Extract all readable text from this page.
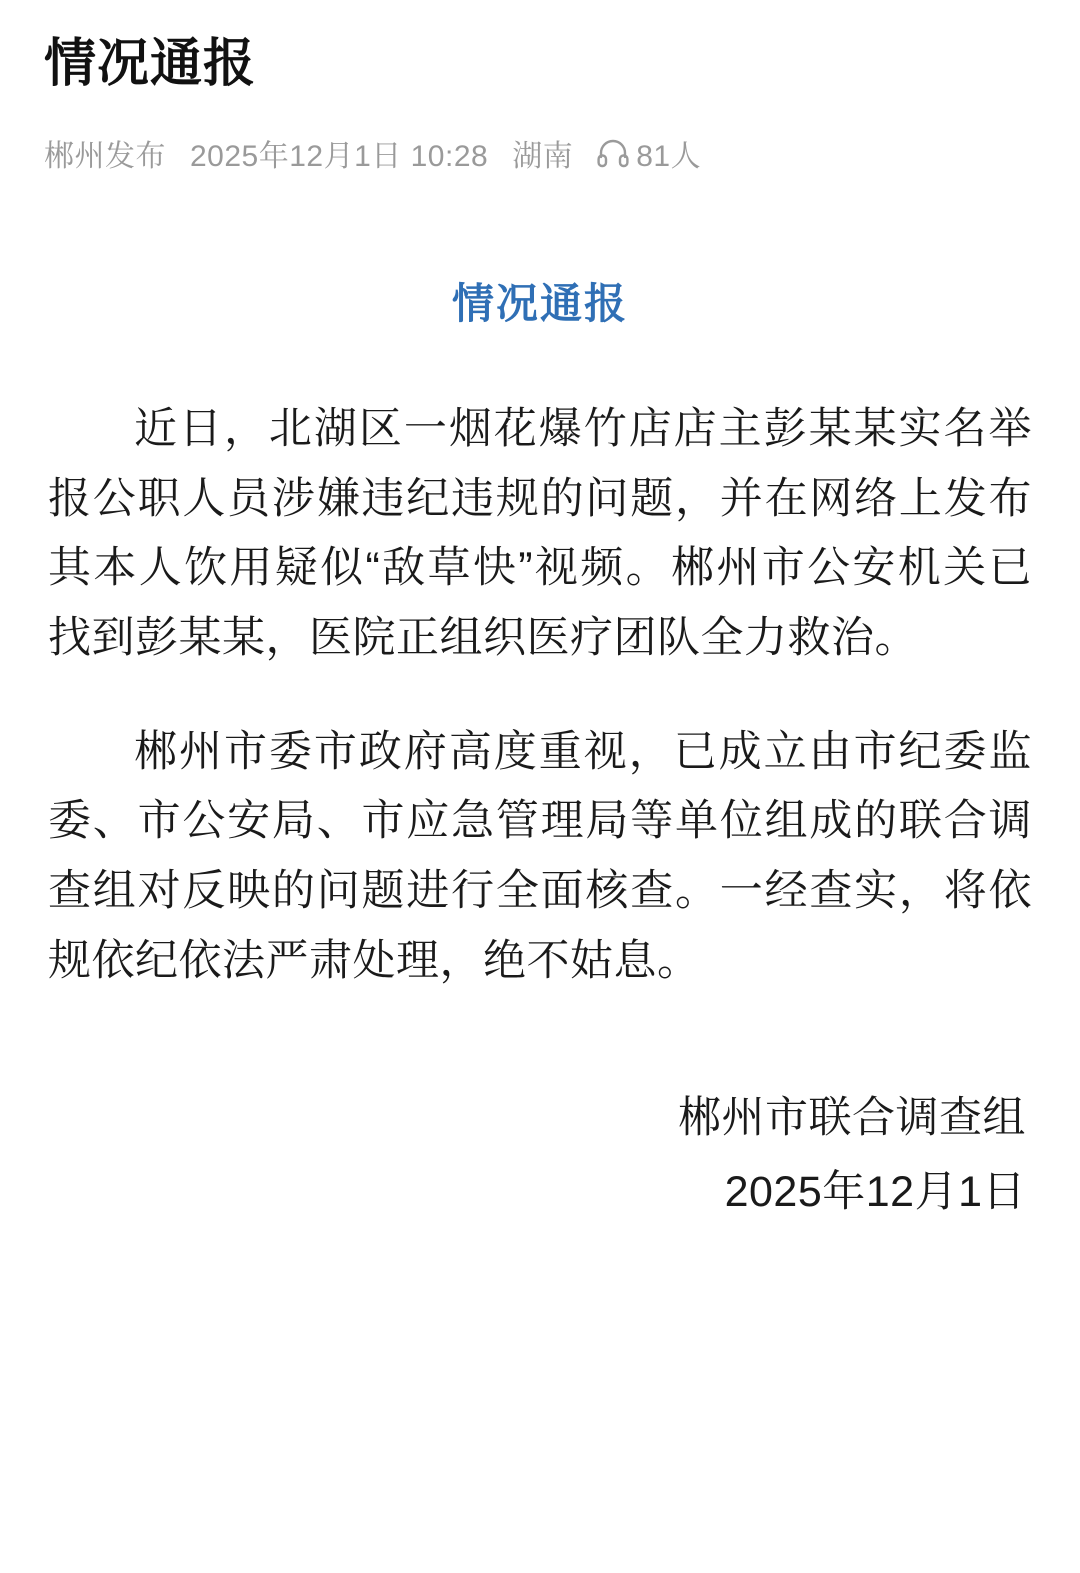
情况通报
郴州发布 2025年12月1日 10:28 湖南 81人
情况通报

近日，北湖区一烟花爆竹店店主彭某某实名举报公职人员涉嫌违纪违规的问题，并在网络上发布其本人饮用疑似“敌草快”视频。郴州市公安机关已找到彭某某，医院正组织医疗团队全力救治。

郴州市委市政府高度重视，已成立由市纪委监委、市公安局、市应急管理局等单位组成的联合调查组对反映的问题进行全面核查。一经查实，将依规依纪依法严肃处理，绝不姑息。

郴州市联合调查组
2025年12月1日
